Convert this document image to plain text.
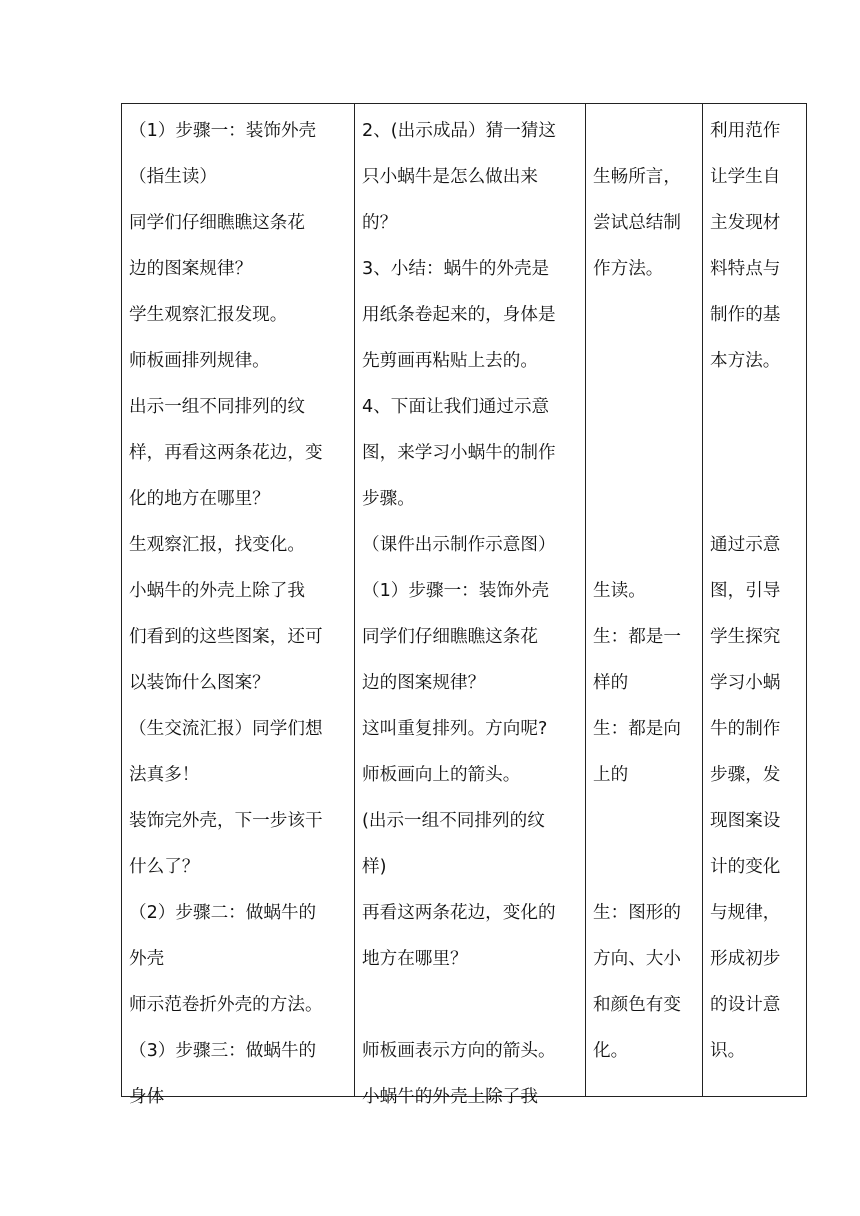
（1）步骤一：装饰外壳
（指生读）
同学们仔细瞧瞧这条花
边的图案规律？
学生观察汇报发现。
师板画排列规律。
出示一组不同排列的纹
样，再看这两条花边，变
化的地方在哪里？
生观察汇报，找变化。
小蜗牛的外壳上除了我
们看到的这些图案，还可
以装饰什么图案？
（生交流汇报）同学们想
法真多！
装饰完外壳，下一步该干
什么了？
（2）步骤二：做蜗牛的
外壳
师示范卷折外壳的方法。
（3）步骤三：做蜗牛的
身体
2、(出示成品）猜一猜这
只小蜗牛是怎么做出来
的？
3、小结：蜗牛的外壳是
用纸条卷起来的，身体是
先剪画再粘贴上去的。
4、下面让我们通过示意
图，来学习小蜗牛的制作
步骤。
（课件出示制作示意图）
（1）步骤一：装饰外壳
同学们仔细瞧瞧这条花
边的图案规律？
这叫重复排列。方向呢?
师板画向上的箭头。
(出示一组不同排列的纹
样)
再看这两条花边，变化的
地方在哪里？
师板画表示方向的箭头。
小蜗牛的外壳上除了我
生畅所言，
尝试总结制
作方法。
生读。
生：都是一
样的
生：都是向
上的
生：图形的
方向、大小
和颜色有变
化。
利用范作
让学生自
主发现材
料特点与
制作的基
本方法。
通过示意
图，引导
学生探究
学习小蜗
牛的制作
步骤，发
现图案设
计的变化
与规律，
形成初步
的设计意
识。
